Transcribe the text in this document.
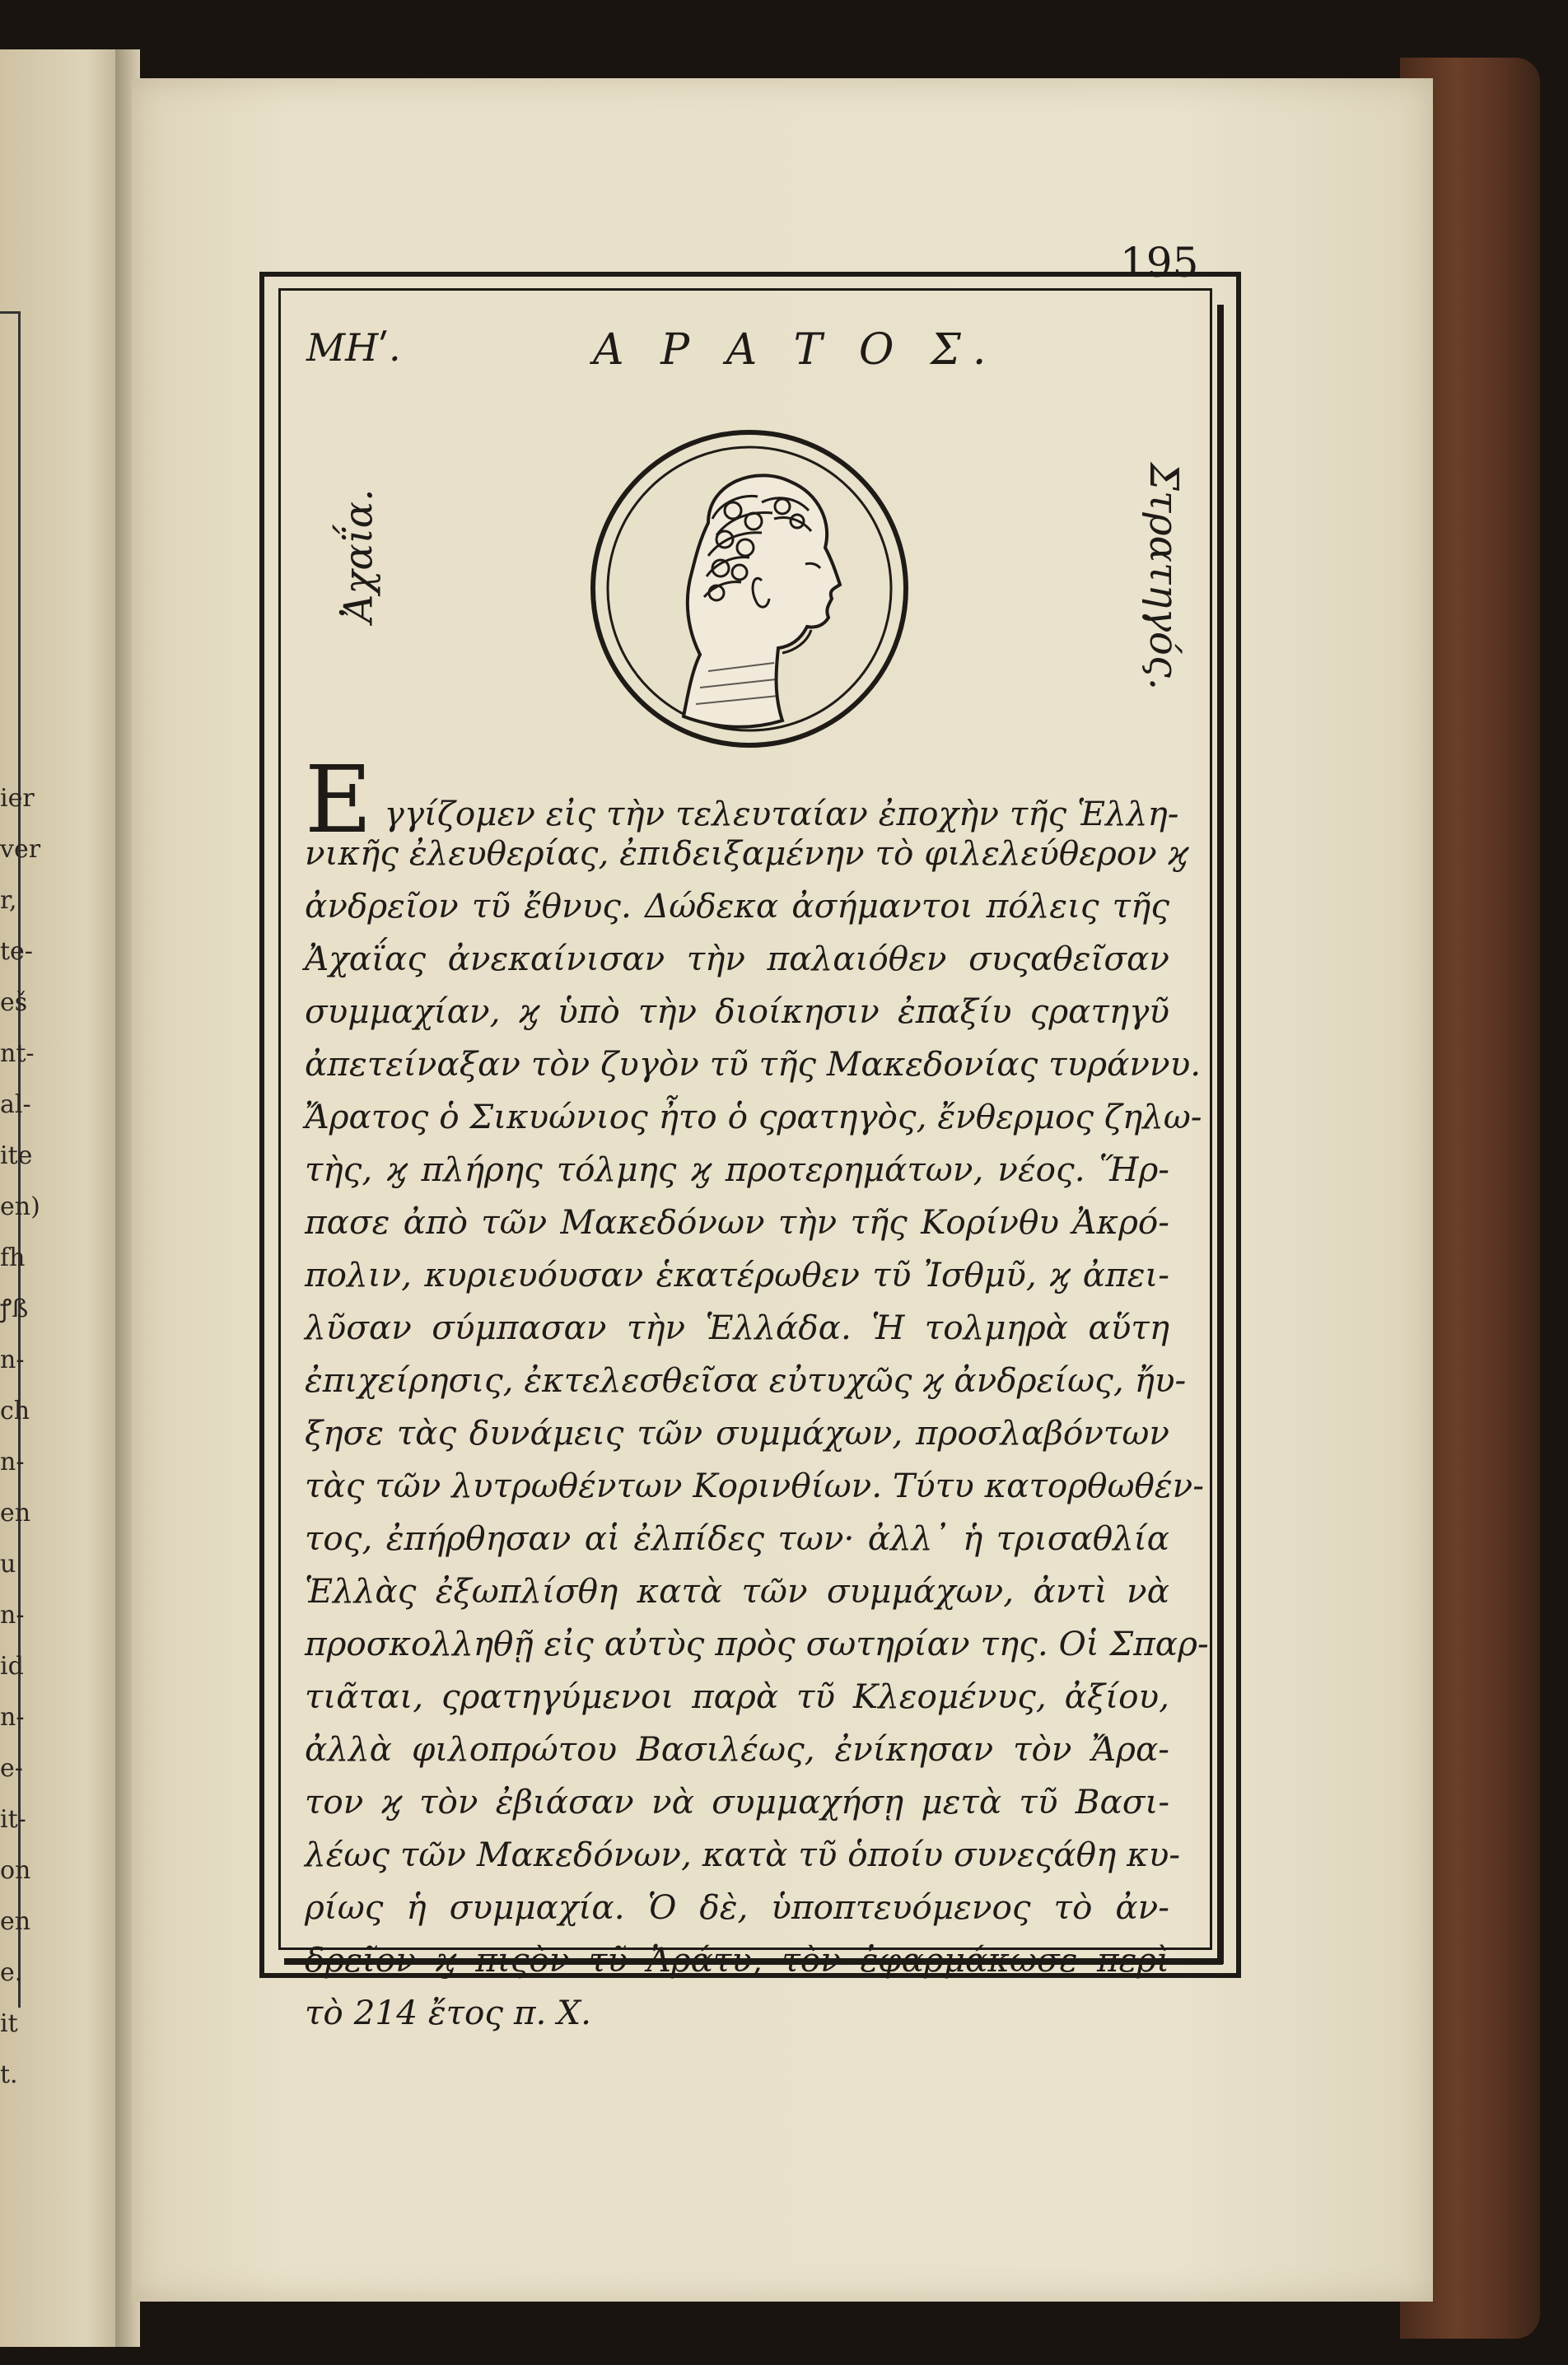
ier
ver
r,
te-
eš
nt-
al-
ite
en)
fh
ꝭß
n-
ch
n-
en
u
n-
id
n-
e-
it-
on
en
e.
it
t.
195
ΜΗʹ.	Α Ρ Α Τ Ο Σ.
Ἀχαΐα.	Στρατηγός.
Ε γγίζομεν εἰς τὴν τελευταίαν ἐποχὴν τῆς Ἑλλη-
νικῆς ἐλευθερίας, ἐπιδειξαμένην τὸ φιλελεύθερον ϗ
ἀνδρεῖον τῦ ἔθνυς. Δώδεκα ἀσήμαντοι πόλεις τῆς
Ἀχαΐας ἀνεκαίνισαν τὴν παλαιόθεν συςαθεῖσαν
συμμαχίαν, ϗ ὑπὸ τὴν διοίκησιν ἐπαξίυ ςρατηγῦ
ἀπετείναξαν τὸν ζυγὸν τῦ τῆς Μακεδονίας τυράννυ.
Ἄρατος ὁ Σικυώνιος ἦτο ὁ ςρατηγὸς, ἔνθερμος ζηλω-
τὴς, ϗ πλήρης τόλμης ϗ προτερημάτων, νέος. Ἥρ-
πασε ἀπὸ τῶν Μακεδόνων τὴν τῆς Κορίνθυ Ἀκρό-
πολιν, κυριευόυσαν ἑκατέρωθεν τῦ Ἰσθμῦ, ϗ ἀπει-
λῦσαν σύμπασαν τὴν Ἑλλάδα. Ἡ τολμηρὰ αὕτη
ἐπιχείρησις, ἐκτελεσθεῖσα εὐτυχῶς ϗ ἀνδρείως, ἤυ-
ξησε τὰς δυνάμεις τῶν συμμάχων, προσλαβόντων
τὰς τῶν λυτρωθέντων Κορινθίων. Τύτυ κατορθωθέν-
τος, ἐπήρθησαν αἱ ἐλπίδες των· ἀλλ᾽ ἡ τρισαθλία
Ἑλλὰς ἐξωπλίσθη κατὰ τῶν συμμάχων, ἀντὶ νὰ
προσκολληθῇ εἰς αὐτὺς πρὸς σωτηρίαν της. Οἱ Σπαρ-
τιᾶται, ςρατηγύμενοι παρὰ τῦ Κλεομένυς, ἀξίου,
ἀλλὰ φιλοπρώτου Βασιλέως, ἐνίκησαν τὸν Ἄρα-
τον ϗ τὸν ἐβιάσαν νὰ συμμαχήσῃ μετὰ τῦ Βασι-
λέως τῶν Μακεδόνων, κατὰ τῦ ὁποίυ συνεςάθη κυ-
ρίως ἡ συμμαχία. Ὁ δὲ, ὑποπτευόμενος τὸ ἀν-
δρεῖον ϗ πιςὸν τῦ Ἀράτυ, τὸν ἐφαρμάκωσε περὶ
τὸ 214 ἔτος π. Χ.
